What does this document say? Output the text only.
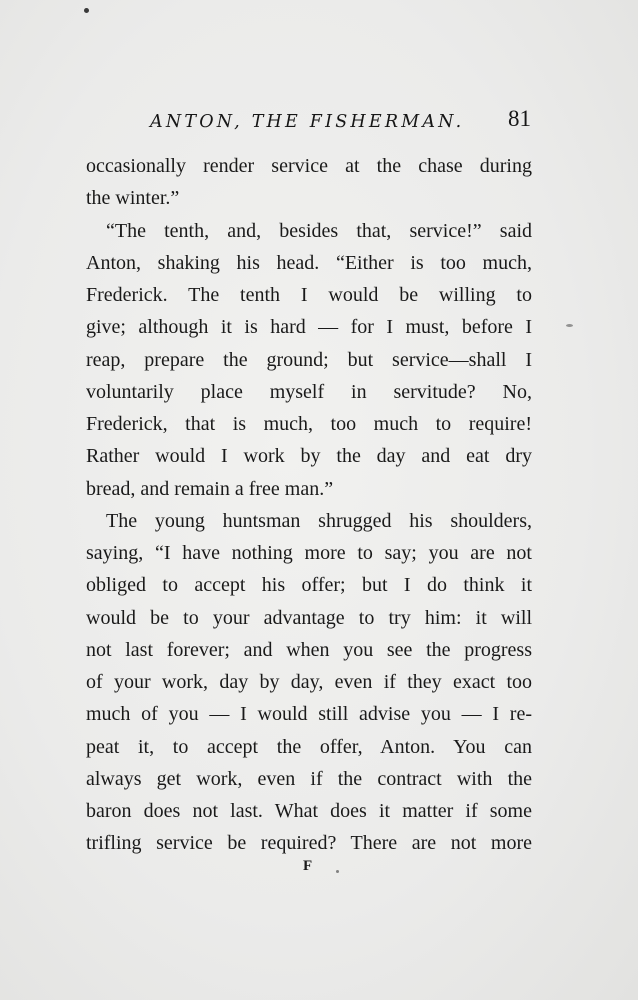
ANTON, THE FISHERMAN. 81
occasionally render service at the chase during
the winter.”
“The tenth, and, besides that, service!” said
Anton, shaking his head. “Either is too much,
Frederick. The tenth I would be willing to
give; although it is hard — for I must, before I
reap, prepare the ground; but service—shall I
voluntarily place myself in servitude? No,
Frederick, that is much, too much to require!
Rather would I work by the day and eat dry
bread, and remain a free man.”
The young huntsman shrugged his shoulders,
saying, “I have nothing more to say; you are not
obliged to accept his offer; but I do think it
would be to your advantage to try him: it will
not last forever; and when you see the progress
of your work, day by day, even if they exact too
much of you — I would still advise you — I re-
peat it, to accept the offer, Anton. You can
always get work, even if the contract with the
baron does not last. What does it matter if some
trifling service be required? There are not more
F
